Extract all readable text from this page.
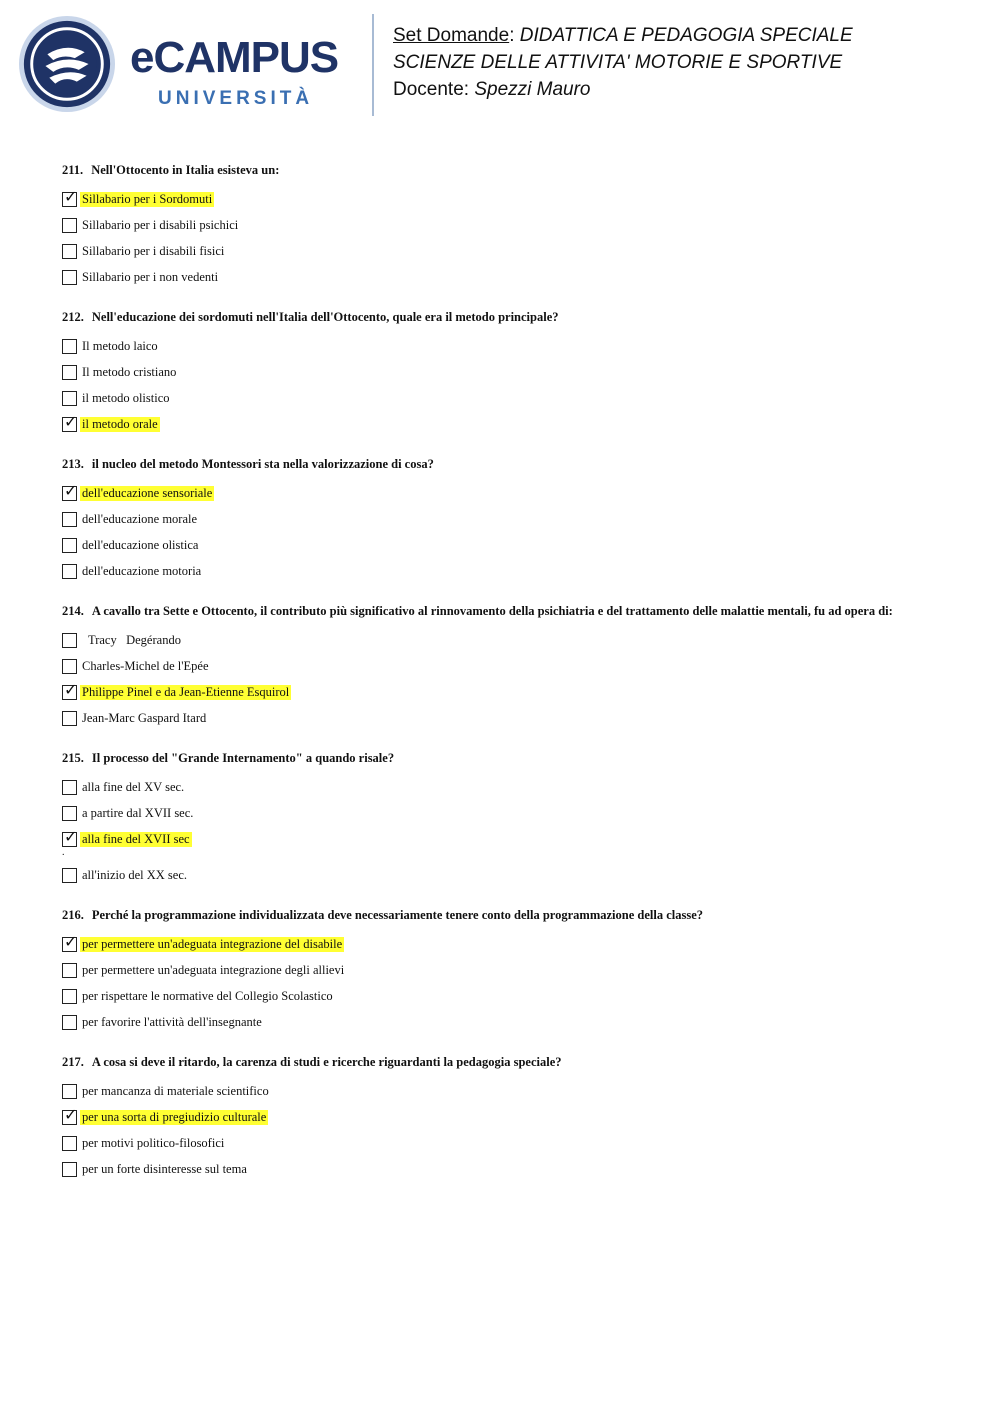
eCAMPUS
UNIVERSITÀ
Set Domande: DIDATTICA E PEDAGOGIA SPECIALE
SCIENZE DELLE ATTIVITA' MOTORIE E SPORTIVE
Docente: Spezzi Mauro
211. Nell'Ottocento in Italia esisteva un:
✓ Sillabario per i Sordomuti
Sillabario per i disabili psichici
Sillabario per i disabili fisici
Sillabario per i non vedenti
212. Nell'educazione dei sordomuti nell'Italia dell'Ottocento, quale era il metodo principale?
Il metodo laico
Il metodo cristiano
il metodo olistico
✓ il metodo orale
213. il nucleo del metodo Montessori sta nella valorizzazione di cosa?
✓ dell'educazione sensoriale
dell'educazione morale
dell'educazione olistica
dell'educazione motoria
214. A cavallo tra Sette e Ottocento, il contributo più significativo al rinnovamento della psichiatria e del trattamento delle malattie mentali, fu ad opera di:
Tracy   Degérando
Charles-Michel de l'Epée
✓ Philippe Pinel e da Jean-Etienne Esquirol
Jean-Marc Gaspard Itard
215. Il processo del "Grande Internamento" a quando risale?
alla fine del XV sec.
a partire dal XVII sec.
✓ alla fine del XVII sec
.
all'inizio del XX sec.
216. Perché la programmazione individualizzata deve necessariamente tenere conto della programmazione della classe?
✓ per permettere un'adeguata integrazione del disabile
per permettere un'adeguata integrazione degli allievi
per rispettare le normative del Collegio Scolastico
per favorire l'attività dell'insegnante
217. A cosa si deve il ritardo, la carenza di studi e ricerche riguardanti la pedagogia speciale?
per mancanza di materiale scientifico
✓ per una sorta di pregiudizio culturale
per motivi politico-filosofici
per un forte disinteresse sul tema
